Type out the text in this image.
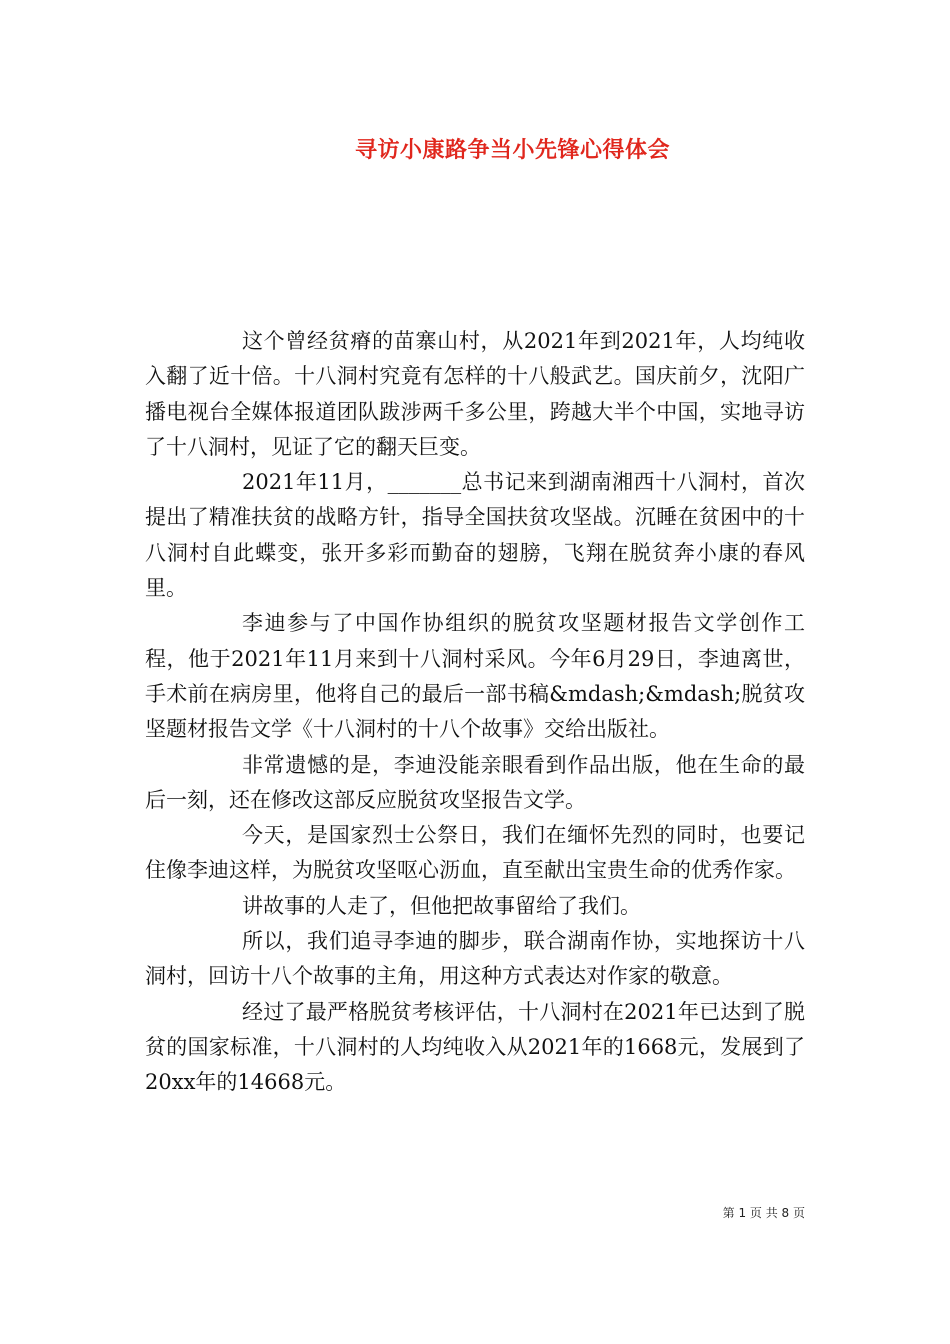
寻访小康路争当小先锋心得体会

这个曾经贫瘠的苗寨山村，从2021年到2021年，人均纯收入翻了近十倍。十八洞村究竟有怎样的十八般武艺。国庆前夕，沈阳广播电视台全媒体报道团队跋涉两千多公里，跨越大半个中国，实地寻访了十八洞村，见证了它的翻天巨变。

2021年11月，_______总书记来到湖南湘西十八洞村，首次提出了精准扶贫的战略方针，指导全国扶贫攻坚战。沉睡在贫困中的十八洞村自此蝶变，张开多彩而勤奋的翅膀，飞翔在脱贫奔小康的春风里。

李迪参与了中国作协组织的脱贫攻坚题材报告文学创作工程，他于2021年11月来到十八洞村采风。今年6月29日，李迪离世，手术前在病房里，他将自己的最后一部书稿&mdash;&mdash;脱贫攻坚题材报告文学《十八洞村的十八个故事》交给出版社。

非常遗憾的是，李迪没能亲眼看到作品出版，他在生命的最后一刻，还在修改这部反应脱贫攻坚报告文学。

今天，是国家烈士公祭日，我们在缅怀先烈的同时，也要记住像李迪这样，为脱贫攻坚呕心沥血，直至献出宝贵生命的优秀作家。

讲故事的人走了，但他把故事留给了我们。

所以，我们追寻李迪的脚步，联合湖南作协，实地探访十八洞村，回访十八个故事的主角，用这种方式表达对作家的敬意。

经过了最严格脱贫考核评估，十八洞村在2021年已达到了脱贫的国家标准，十八洞村的人均纯收入从2021年的1668元，发展到了20xx年的14668元。

第 1 页 共 8 页
